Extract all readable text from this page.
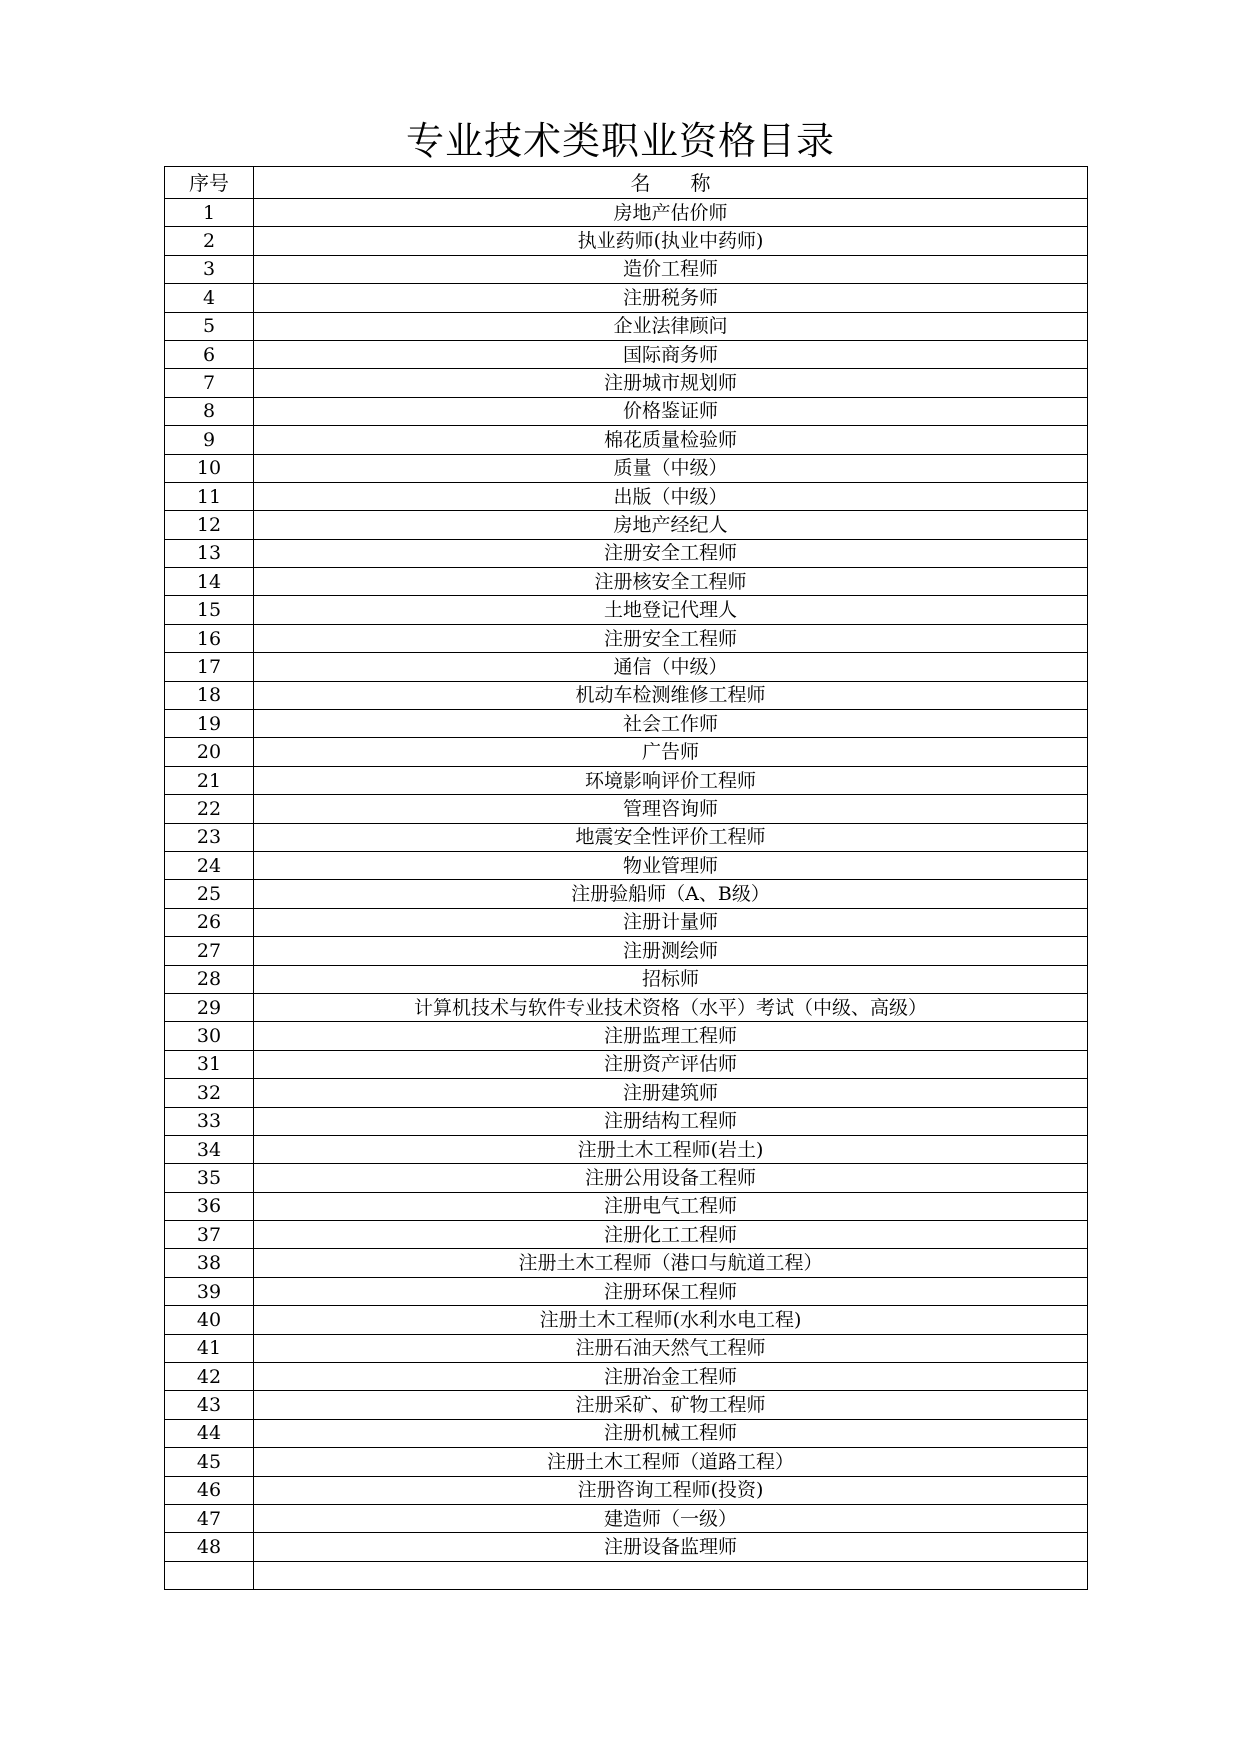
专业技术类职业资格目录
序号	名称
1	房地产估价师
2	执业药师(执业中药师)
3	造价工程师
4	注册税务师
5	企业法律顾问
6	国际商务师
7	注册城市规划师
8	价格鉴证师
9	棉花质量检验师
10	质量（中级）
11	出版（中级）
12	房地产经纪人
13	注册安全工程师
14	注册核安全工程师
15	土地登记代理人
16	注册安全工程师
17	通信（中级）
18	机动车检测维修工程师
19	社会工作师
20	广告师
21	环境影响评价工程师
22	管理咨询师
23	地震安全性评价工程师
24	物业管理师
25	注册验船师（A、B级）
26	注册计量师
27	注册测绘师
28	招标师
29	计算机技术与软件专业技术资格（水平）考试（中级、高级）
30	注册监理工程师
31	注册资产评估师
32	注册建筑师
33	注册结构工程师
34	注册土木工程师(岩土)
35	注册公用设备工程师
36	注册电气工程师
37	注册化工工程师
38	注册土木工程师（港口与航道工程）
39	注册环保工程师
40	注册土木工程师(水利水电工程)
41	注册石油天然气工程师
42	注册冶金工程师
43	注册采矿、矿物工程师
44	注册机械工程师
45	注册土木工程师（道路工程）
46	注册咨询工程师(投资)
47	建造师（一级）
48	注册设备监理师
